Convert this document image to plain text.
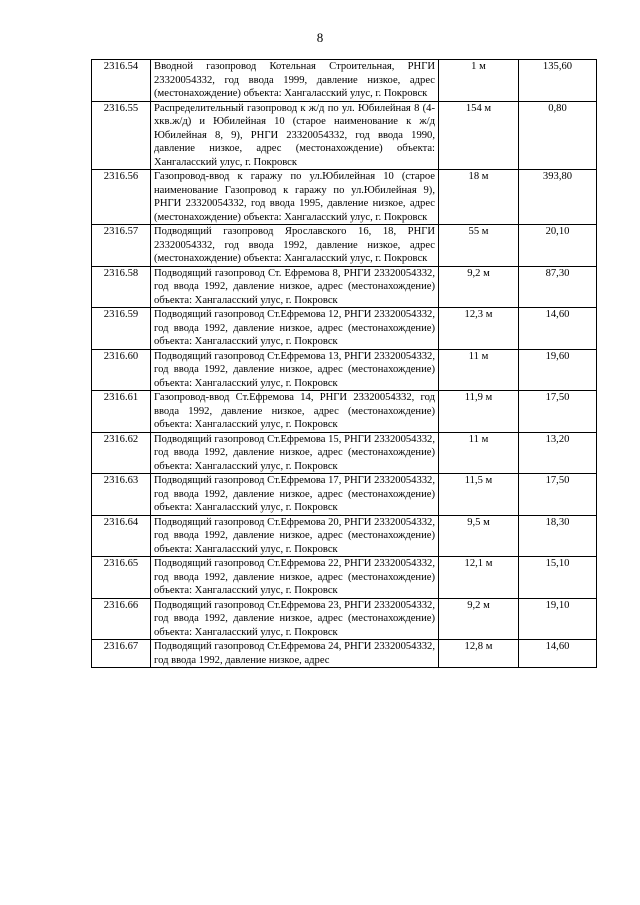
8
2316.54	Вводной газопровод Котельная Строительная, РНГИ 23320054332, год ввода 1999, давление низкое, адрес (местонахождение) объекта: Хангаласский улус, г. Покровск	1 м	135,60
2316.55	Распределительный газопровод к ж/д по ул. Юбилейная 8 (4-хкв.ж/д) и Юбилейная 10 (старое наименование к ж/д Юбилейная 8, 9), РНГИ 23320054332, год ввода 1990, давление низкое, адрес (местонахождение) объекта: Хангаласский улус, г. Покровск	154 м	0,80
2316.56	Газопровод-ввод к гаражу по ул.Юбилейная 10 (старое наименование Газопровод к гаражу по ул.Юбилейная 9), РНГИ 23320054332, год ввода 1995, давление низкое, адрес (местонахождение) объекта: Хангаласский улус, г. Покровск	18 м	393,80
2316.57	Подводящий газопровод Ярославского 16, 18, РНГИ 23320054332, год ввода 1992, давление низкое, адрес (местонахождение) объекта: Хангаласский улус, г. Покровск	55 м	20,10
2316.58	Подводящий газопровод Ст. Ефремова 8, РНГИ 23320054332, год ввода 1992, давление низкое, адрес (местонахождение) объекта: Хангаласский улус, г. Покровск	9,2 м	87,30
2316.59	Подводящий газопровод Ст.Ефремова 12, РНГИ 23320054332, год ввода 1992, давление низкое, адрес (местонахождение) объекта: Хангаласский улус, г. Покровск	12,3 м	14,60
2316.60	Подводящий газопровод Ст.Ефремова 13, РНГИ 23320054332, год ввода 1992, давление низкое, адрес (местонахождение) объекта: Хангаласский улус, г. Покровск	11 м	19,60
2316.61	Газопровод-ввод Ст.Ефремова 14, РНГИ 23320054332, год ввода 1992, давление низкое, адрес (местонахождение) объекта: Хангаласский улус, г. Покровск	11,9 м	17,50
2316.62	Подводящий газопровод Ст.Ефремова 15, РНГИ 23320054332, год ввода 1992, давление низкое, адрес (местонахождение) объекта: Хангаласский улус, г. Покровск	11 м	13,20
2316.63	Подводящий газопровод Ст.Ефремова 17, РНГИ 23320054332, год ввода 1992, давление низкое, адрес (местонахождение) объекта: Хангаласский улус, г. Покровск	11,5 м	17,50
2316.64	Подводящий газопровод Ст.Ефремова 20, РНГИ 23320054332, год ввода 1992, давление низкое, адрес (местонахождение) объекта: Хангаласский улус, г. Покровск	9,5 м	18,30
2316.65	Подводящий газопровод Ст.Ефремова 22, РНГИ 23320054332, год ввода 1992, давление низкое, адрес (местонахождение) объекта: Хангаласский улус, г. Покровск	12,1 м	15,10
2316.66	Подводящий газопровод Ст.Ефремова 23, РНГИ 23320054332, год ввода 1992, давление низкое, адрес (местонахождение) объекта: Хангаласский улус, г. Покровск	9,2 м	19,10
2316.67	Подводящий газопровод Ст.Ефремова 24, РНГИ 23320054332, год ввода 1992, давление низкое, адрес	12,8 м	14,60
